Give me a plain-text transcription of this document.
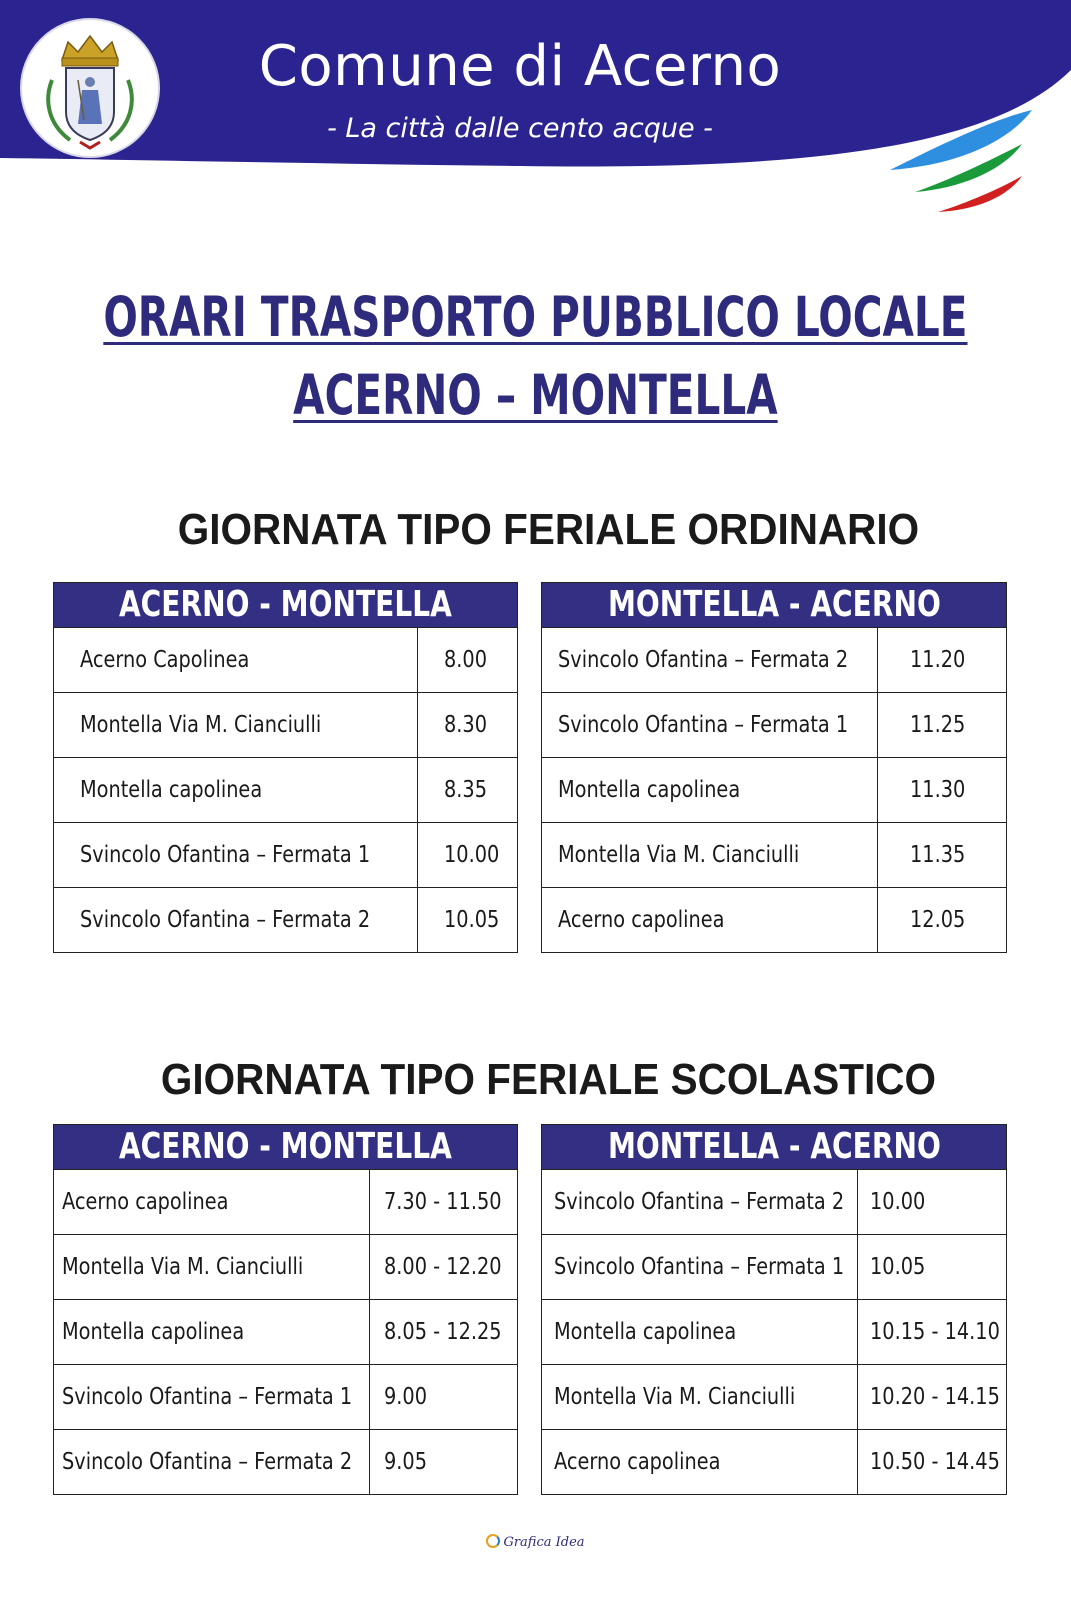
Comune di Acerno
- La città dalle cento acque -
ORARI TRASPORTO PUBBLICO LOCALE
ACERNO – MONTELLA
GIORNATA TIPO FERIALE ORDINARIO
ACERNO - MONTELLA
Acerno Capolinea	8.00
Montella Via M. Cianciulli	8.30
Montella capolinea	8.35
Svincolo Ofantina – Fermata 1	10.00
Svincolo Ofantina – Fermata 2	10.05
MONTELLA - ACERNO
Svincolo Ofantina – Fermata 2	11.20
Svincolo Ofantina – Fermata 1	11.25
Montella capolinea	11.30
Montella Via M. Cianciulli	11.35
Acerno capolinea	12.05
GIORNATA TIPO FERIALE SCOLASTICO
ACERNO - MONTELLA
Acerno capolinea	7.30 - 11.50
Montella Via M. Cianciulli	8.00 - 12.20
Montella capolinea	8.05 - 12.25
Svincolo Ofantina – Fermata 1 9.00
Svincolo Ofantina – Fermata 2 9.05
MONTELLA - ACERNO
Svincolo Ofantina – Fermata 2 10.00
Svincolo Ofantina – Fermata 1 10.05
Montella capolinea	10.15 - 14.10
Montella Via M. Cianciulli	10.20 - 14.15
Acerno capolinea	10.50 - 14.45
Grafica Idea
